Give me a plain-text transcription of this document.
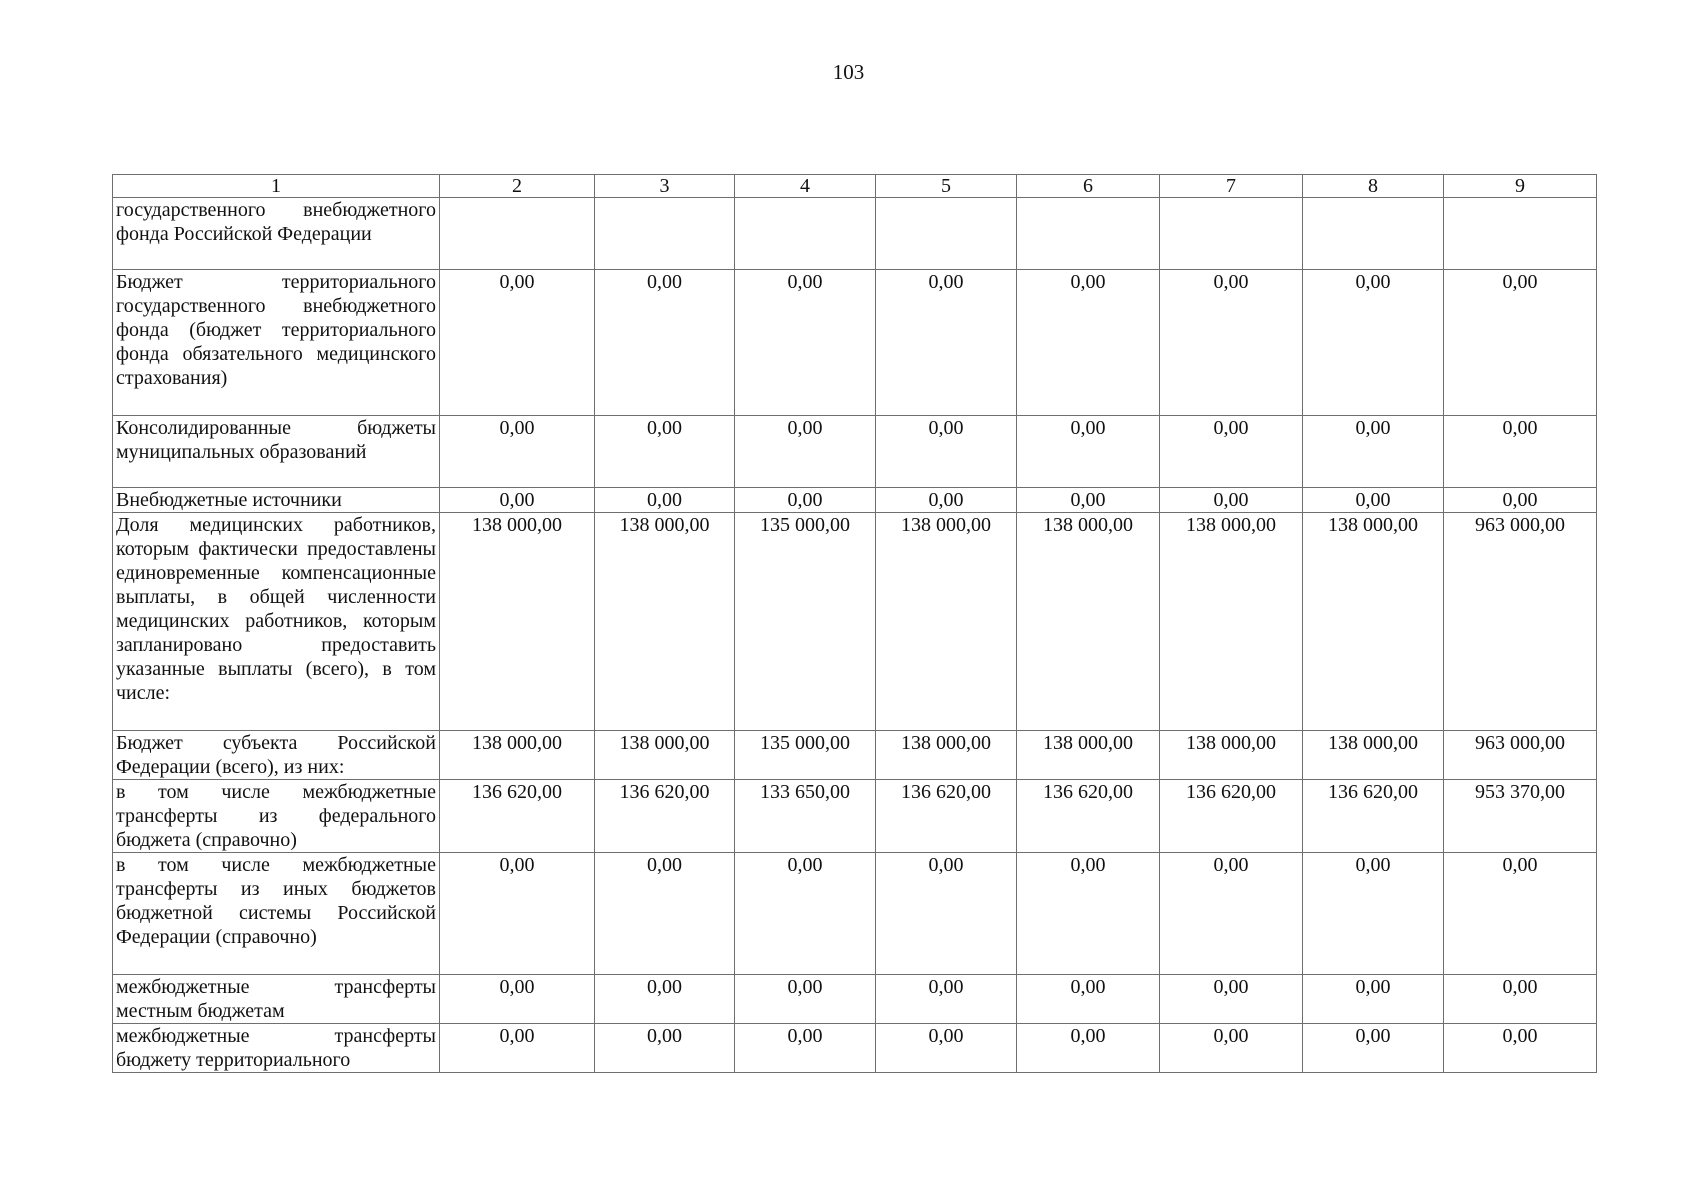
103
1	2	3	4	5	6	7	8	9
государственного внебюджетного фонда Российской Федерации								
Бюджет территориального государственного внебюджетного фонда (бюджет территориального фонда обязательного медицинского страхования)	0,00	0,00	0,00	0,00	0,00	0,00	0,00	0,00
Консолидированные бюджеты муниципальных образований	0,00	0,00	0,00	0,00	0,00	0,00	0,00	0,00
Внебюджетные источники	0,00	0,00	0,00	0,00	0,00	0,00	0,00	0,00
Доля медицинских работников, которым фактически предоставлены единовременные компенсационные выплаты, в общей численности медицинских работников, которым запланировано предоставить указанные выплаты (всего), в том числе:	138 000,00	138 000,00	135 000,00	138 000,00	138 000,00	138 000,00	138 000,00	963 000,00
Бюджет субъекта Российской Федерации (всего), из них:	138 000,00	138 000,00	135 000,00	138 000,00	138 000,00	138 000,00	138 000,00	963 000,00
в том числе межбюджетные трансферты из федерального бюджета (справочно)	136 620,00	136 620,00	133 650,00	136 620,00	136 620,00	136 620,00	136 620,00	953 370,00
в том числе межбюджетные трансферты из иных бюджетов бюджетной системы Российской Федерации (справочно)	0,00	0,00	0,00	0,00	0,00	0,00	0,00	0,00
межбюджетные трансферты местным бюджетам	0,00	0,00	0,00	0,00	0,00	0,00	0,00	0,00
межбюджетные трансферты бюджету территориального	0,00	0,00	0,00	0,00	0,00	0,00	0,00	0,00
